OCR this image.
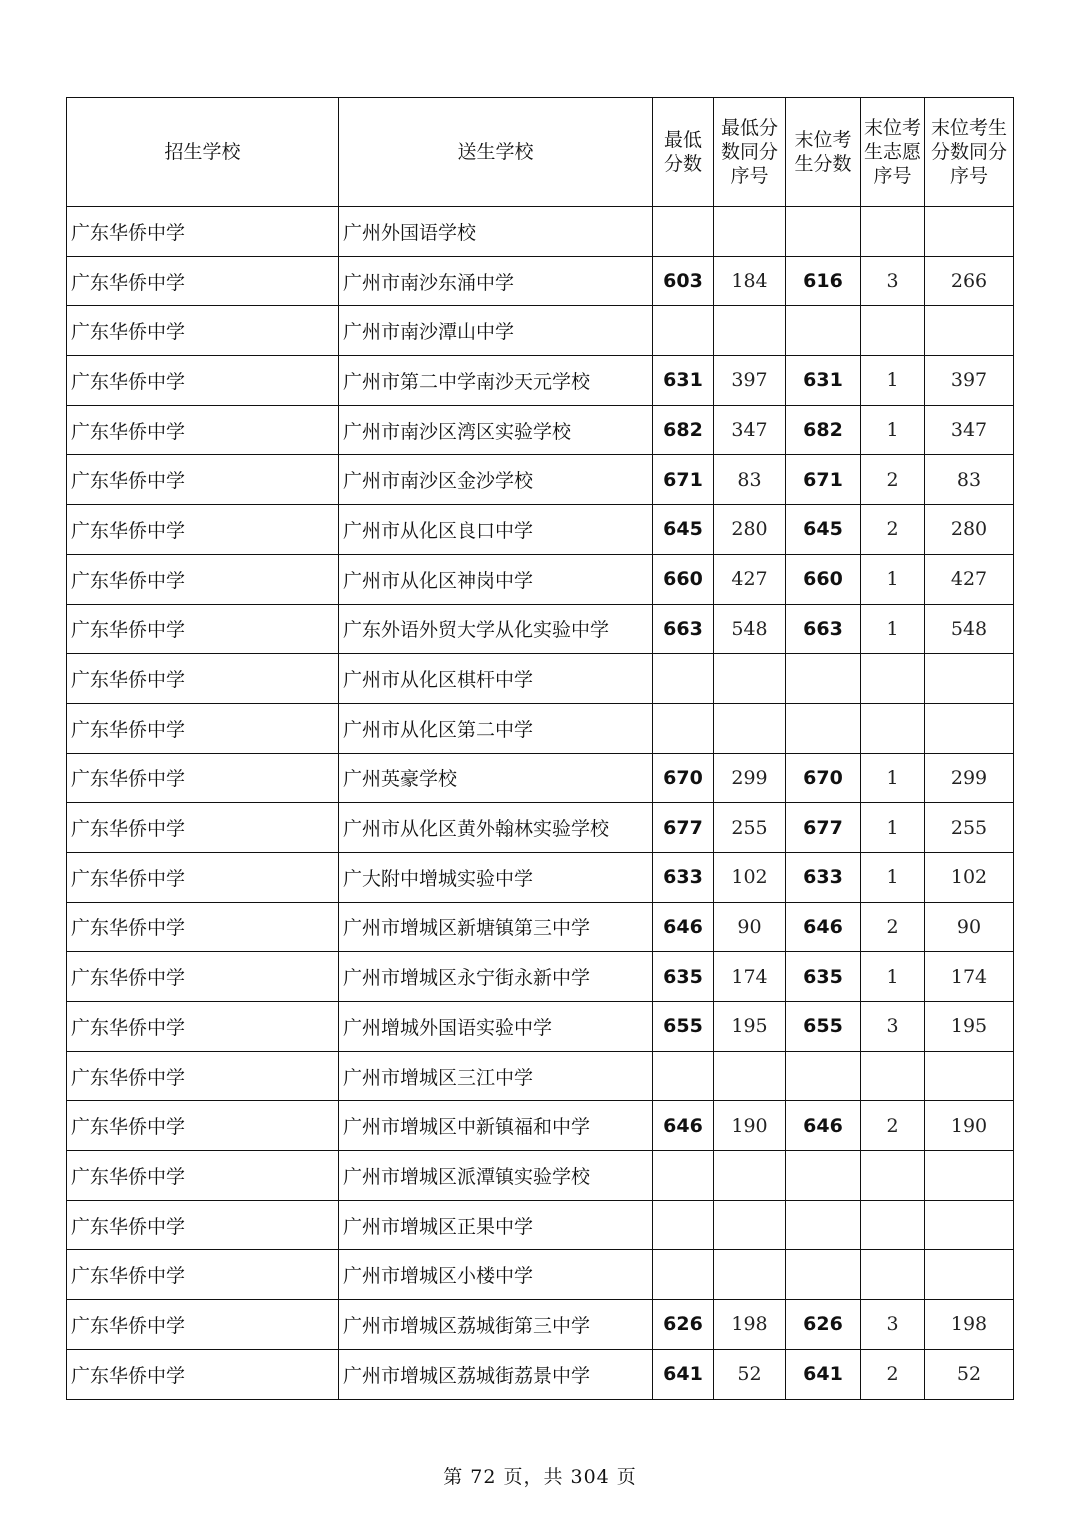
招生学校	送生学校	最低分数	最低分数同分序号	末位考生分数	末位考生志愿序号	末位考生分数同分序号
广东华侨中学	广州外国语学校					
广东华侨中学	广州市南沙东涌中学	603	184	616	3	266
广东华侨中学	广州市南沙潭山中学					
广东华侨中学	广州市第二中学南沙天元学校	631	397	631	1	397
广东华侨中学	广州市南沙区湾区实验学校	682	347	682	1	347
广东华侨中学	广州市南沙区金沙学校	671	83	671	2	83
广东华侨中学	广州市从化区良口中学	645	280	645	2	280
广东华侨中学	广州市从化区神岗中学	660	427	660	1	427
广东华侨中学	广东外语外贸大学从化实验中学	663	548	663	1	548
广东华侨中学	广州市从化区棋杆中学					
广东华侨中学	广州市从化区第二中学					
广东华侨中学	广州英豪学校	670	299	670	1	299
广东华侨中学	广州市从化区黄外翰林实验学校	677	255	677	1	255
广东华侨中学	广大附中增城实验中学	633	102	633	1	102
广东华侨中学	广州市增城区新塘镇第三中学	646	90	646	2	90
广东华侨中学	广州市增城区永宁街永新中学	635	174	635	1	174
广东华侨中学	广州增城外国语实验中学	655	195	655	3	195
广东华侨中学	广州市增城区三江中学					
广东华侨中学	广州市增城区中新镇福和中学	646	190	646	2	190
广东华侨中学	广州市增城区派潭镇实验学校					
广东华侨中学	广州市增城区正果中学					
广东华侨中学	广州市增城区小楼中学					
广东华侨中学	广州市增城区荔城街第三中学	626	198	626	3	198
广东华侨中学	广州市增城区荔城街荔景中学	641	52	641	2	52
第 72 页，共 304 页
